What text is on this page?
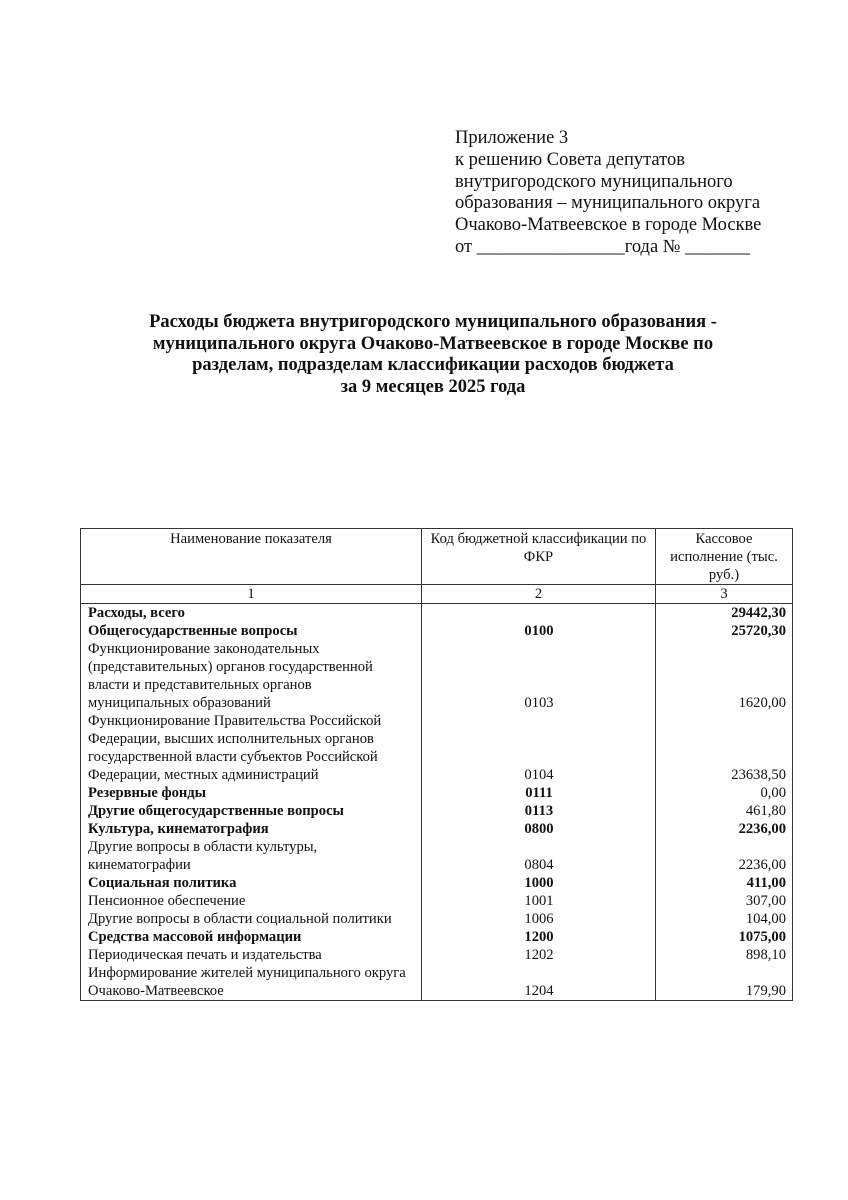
Приложение 3
к решению Совета депутатов
внутригородского муниципального
образования – муниципального округа
Очаково-Матвеевское в городе Москве
от ________________года № _______
Расходы бюджета внутригородского муниципального образования -
муниципального округа Очаково-Матвеевское в городе Москве по
разделам, подразделам классификации расходов бюджета
за 9 месяцев 2025 года
Наименование показателя	Код бюджетной классификации по ФКР	Кассовое исполнение (тыс. руб.)
1	2	3
Расходы, всего		29442,30
Общегосударственные вопросы	0100	25720,30
Функционирование законодательных (представительных) органов государственной власти и представительных органов муниципальных образований	0103	1620,00
Функционирование Правительства Российской Федерации, высших исполнительных органов государственной власти субъектов Российской Федерации, местных администраций	0104	23638,50
Резервные фонды	0111	0,00
Другие общегосударственные вопросы	0113	461,80
Культура, кинематография	0800	2236,00
Другие вопросы в области культуры, кинематографии	0804	2236,00
Социальная политика	1000	411,00
Пенсионное обеспечение	1001	307,00
Другие вопросы в области социальной политики	1006	104,00
Средства массовой информации	1200	1075,00
Периодическая печать и издательства	1202	898,10
Информирование жителей муниципального округа Очаково-Матвеевское	1204	179,90
